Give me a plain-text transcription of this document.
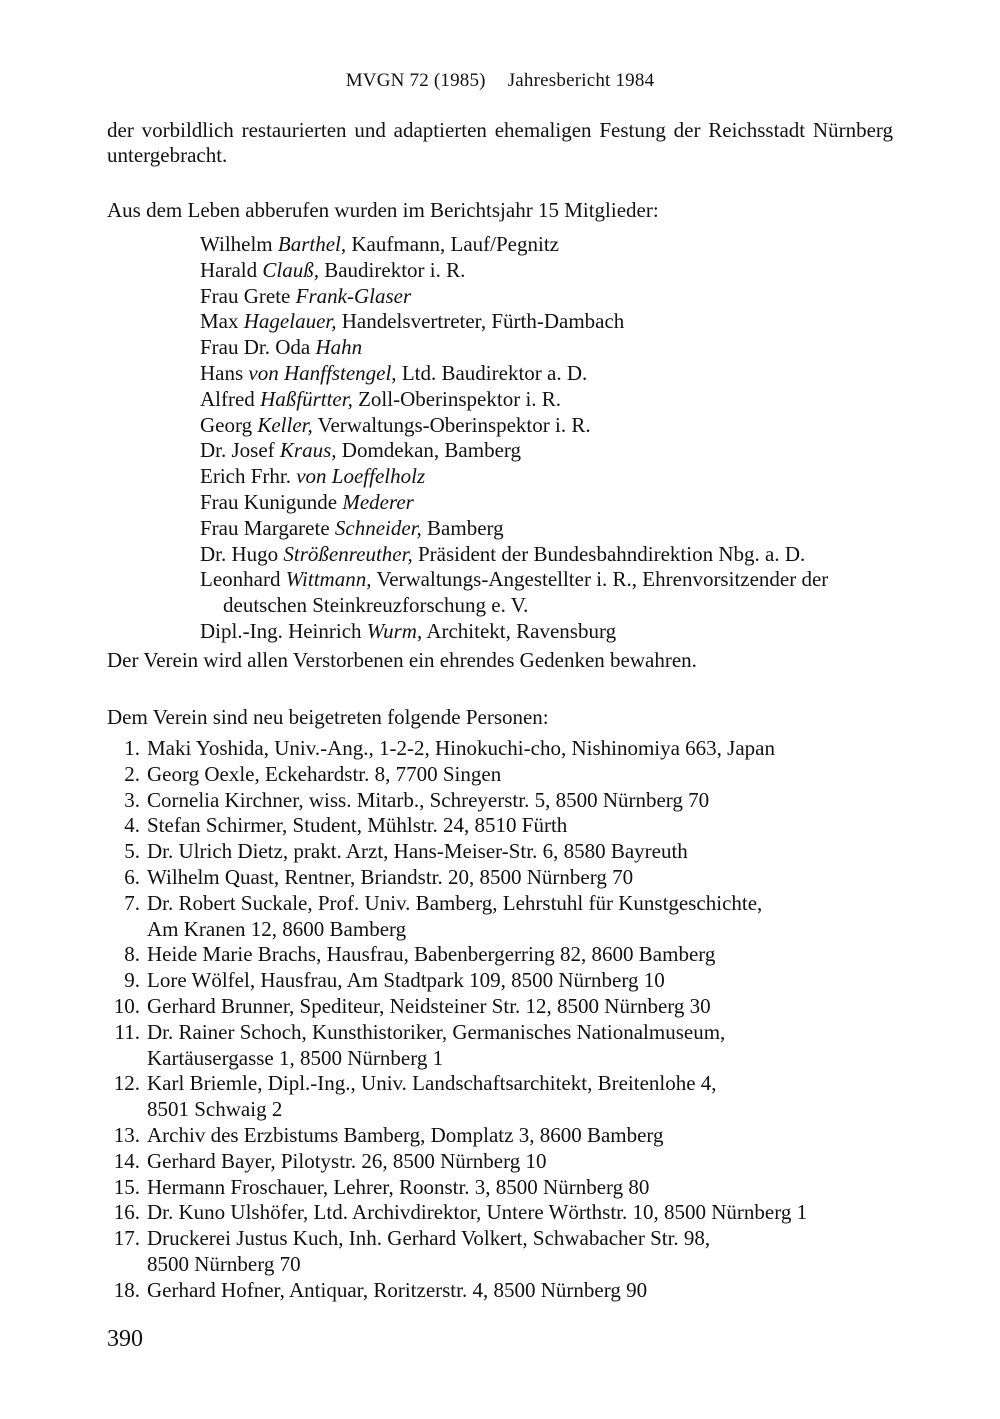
MVGN 72 (1985) Jahresbericht 1984

der vorbildlich restaurierten und adaptierten ehemaligen Festung der Reichsstadt Nürnberg untergebracht.

Aus dem Leben abberufen wurden im Berichtsjahr 15 Mitglieder:

Wilhelm Barthel, Kaufmann, Lauf/Pegnitz
Harald Clauß, Baudirektor i. R.
Frau Grete Frank-Glaser
Max Hagelauer, Handelsvertreter, Fürth-Dambach
Frau Dr. Oda Hahn
Hans von Hanffstengel, Ltd. Baudirektor a. D.
Alfred Haßfürtter, Zoll-Oberinspektor i. R.
Georg Keller, Verwaltungs-Oberinspektor i. R.
Dr. Josef Kraus, Domdekan, Bamberg
Erich Frhr. von Loeffelholz
Frau Kunigunde Mederer
Frau Margarete Schneider, Bamberg
Dr. Hugo Strößenreuther, Präsident der Bundesbahndirektion Nbg. a. D.
Leonhard Wittmann, Verwaltungs-Angestellter i. R., Ehrenvorsitzender der
deutschen Steinkreuzforschung e. V.
Dipl.-Ing. Heinrich Wurm, Architekt, Ravensburg

Der Verein wird allen Verstorbenen ein ehrendes Gedenken bewahren.

Dem Verein sind neu beigetreten folgende Personen:

1. Maki Yoshida, Univ.-Ang., 1-2-2, Hinokuchi-cho, Nishinomiya 663, Japan
2. Georg Oexle, Eckehardstr. 8, 7700 Singen
3. Cornelia Kirchner, wiss. Mitarb., Schreyerstr. 5, 8500 Nürnberg 70
4. Stefan Schirmer, Student, Mühlstr. 24, 8510 Fürth
5. Dr. Ulrich Dietz, prakt. Arzt, Hans-Meiser-Str. 6, 8580 Bayreuth
6. Wilhelm Quast, Rentner, Briandstr. 20, 8500 Nürnberg 70
7. Dr. Robert Suckale, Prof. Univ. Bamberg, Lehrstuhl für Kunstgeschichte,
Am Kranen 12, 8600 Bamberg
8. Heide Marie Brachs, Hausfrau, Babenbergerring 82, 8600 Bamberg
9. Lore Wölfel, Hausfrau, Am Stadtpark 109, 8500 Nürnberg 10
10. Gerhard Brunner, Spediteur, Neidsteiner Str. 12, 8500 Nürnberg 30
11. Dr. Rainer Schoch, Kunsthistoriker, Germanisches Nationalmuseum,
Kartäusergasse 1, 8500 Nürnberg 1
12. Karl Briemle, Dipl.-Ing., Univ. Landschaftsarchitekt, Breitenlohe 4,
8501 Schwaig 2
13. Archiv des Erzbistums Bamberg, Domplatz 3, 8600 Bamberg
14. Gerhard Bayer, Pilotystr. 26, 8500 Nürnberg 10
15. Hermann Froschauer, Lehrer, Roonstr. 3, 8500 Nürnberg 80
16. Dr. Kuno Ulshöfer, Ltd. Archivdirektor, Untere Wörthstr. 10, 8500 Nürnberg 1
17. Druckerei Justus Kuch, Inh. Gerhard Volkert, Schwabacher Str. 98,
8500 Nürnberg 70
18. Gerhard Hofner, Antiquar, Roritzerstr. 4, 8500 Nürnberg 90
390
